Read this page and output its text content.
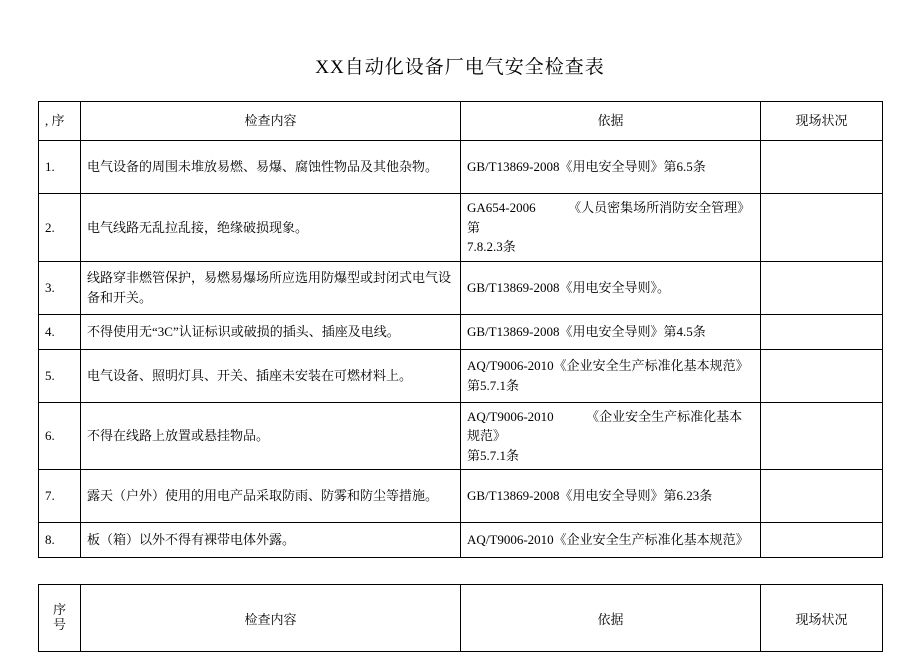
XX自动化设备厂电气安全检查表
, 序	检查内容	依据	现场状况
1.	电气设备的周围未堆放易燃、易爆、腐蚀性物品及其他杂物。	GB/T13869-2008《用电安全导则》第6.5条	
2.	电气线路无乱拉乱接，绝缘破损现象。	GA654-2006　　　《人员密集场所消防安全管理》第
7.8.2.3条	

3.	线路穿非燃管保护，易燃易爆场所应选用防爆型或封闭式电气设备和开关。	GB/T13869-2008《用电安全导则》。	
4.	不得使用无“3C”认证标识或破损的插头、插座及电线。	GB/T13869-2008《用电安全导则》第4.5条	
5.	电气设备、照明灯具、开关、插座未安装在可燃材料上。	AQ/T9006-2010《企业安全生产标准化基本规范》
第5.7.1条	

6.	不得在线路上放置或悬挂物品。	AQ/T9006-2010　　　《企业安全生产标准化基本规范》
第5.7.1条	

7.	露天（户外）使用的用电产品采取防雨、防雾和防尘等措施。	GB/T13869-2008《用电安全导则》第6.23条	
8.	板（箱）以外不得有裸带电体外露。	AQ/T9006-2010《企业安全生产标准化基本规范》	
序
号	检查内容	依据	现场状况
